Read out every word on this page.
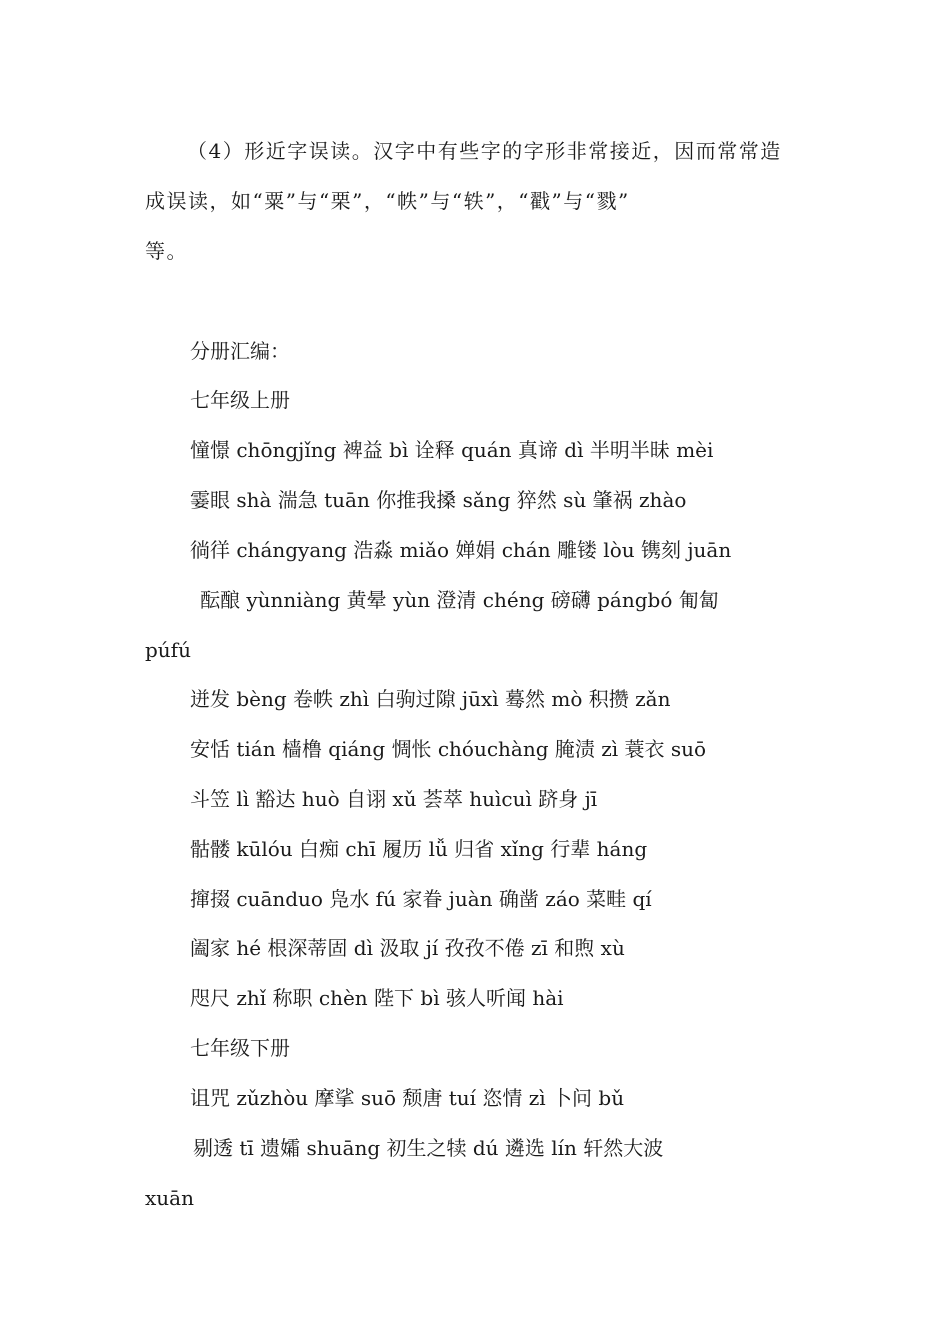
（4）形近字误读。汉字中有些字的字形非常接近，因而常常造
成误读，如“粟”与“栗”，“帙”与“轶”，“戳”与“戮”
等。
分册汇编：
七年级上册
憧憬 chōngjǐng 裨益 bì 诠释 quán 真谛 dì 半明半昧 mèi
霎眼 shà 湍急 tuān 你推我搡 sǎng 猝然 sù 肇祸 zhào
徜徉 chángyang 浩淼 miǎo 婵娟 chán 雕镂 lòu 镌刻 juān
酝酿 yùnniàng 黄晕 yùn 澄清 chéng 磅礴 pángbó 匍匐
púfú
迸发 bèng 卷帙 zhì 白驹过隙 jūxì 蓦然 mò 积攒 zǎn
安恬 tián 樯橹 qiáng 惆怅 chóuchàng 腌渍 zì 蓑衣 suō
斗笠 lì 豁达 huò 自诩 xǔ 荟萃 huìcuì 跻身 jī
骷髅 kūlóu 白痴 chī 履历 lǚ 归省 xǐng 行辈 háng
撺掇 cuānduo 凫水 fú 家眷 juàn 确凿 záo 菜畦 qí
阖家 hé 根深蒂固 dì 汲取 jí 孜孜不倦 zī 和煦 xù
咫尺 zhǐ 称职 chèn 陛下 bì 骇人听闻 hài
七年级下册
诅咒 zǔzhòu 摩挲 suō 颓唐 tuí 恣情 zì 卜问 bǔ
剔透 tī 遗孀 shuāng 初生之犊 dú 遴选 lín 轩然大波
xuān
